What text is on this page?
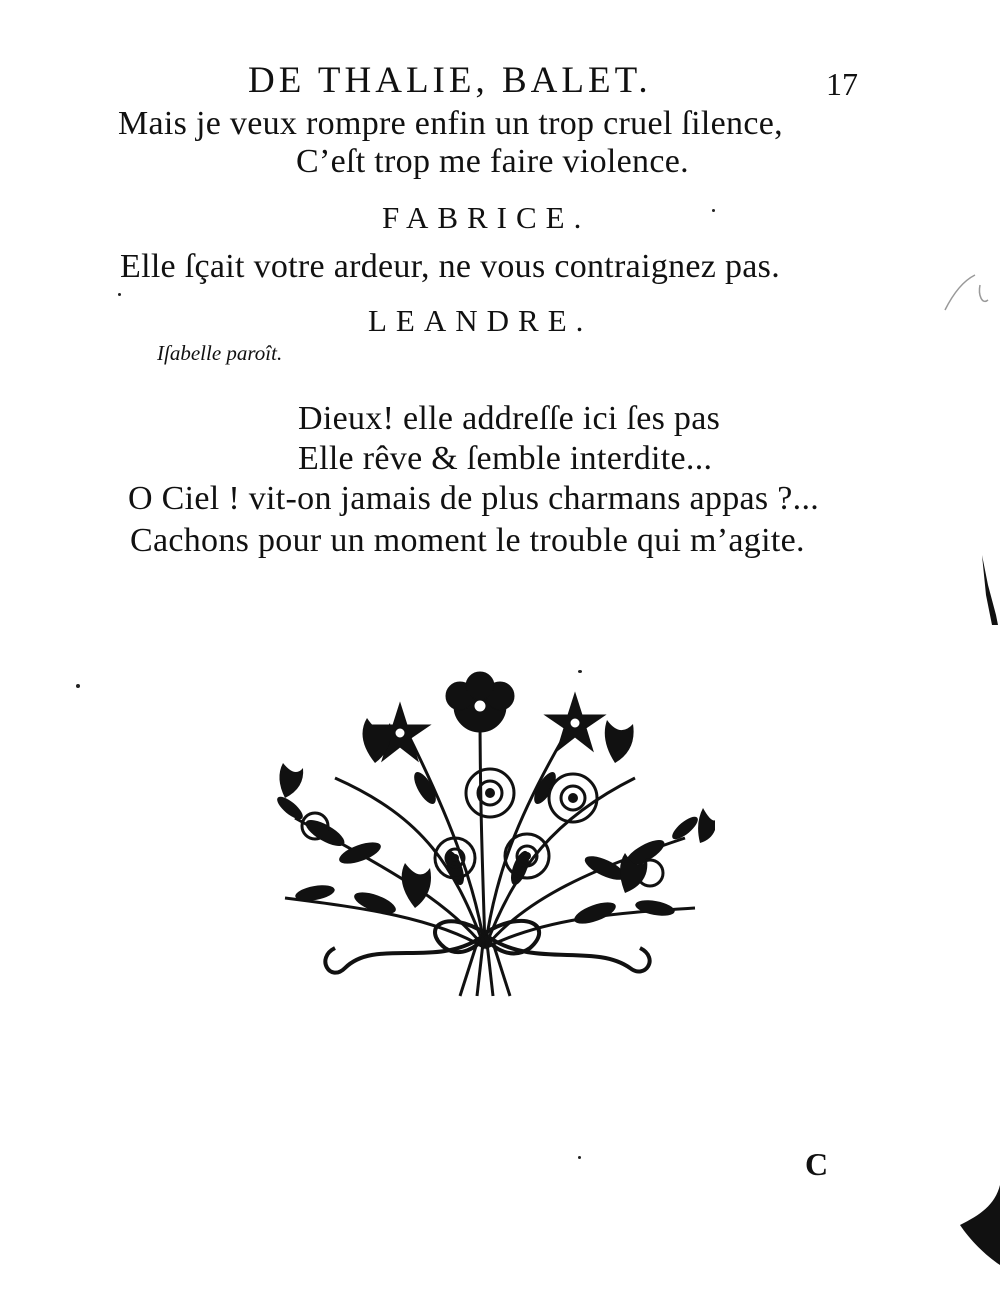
DE THALIE, BALET.	17
Mais je veux rompre enfin un trop cruel ſilence,
C’eſt trop me faire violence.
FABRICE.
Elle ſçait votre ardeur, ne vous contraignez pas.
LEANDRE.
Iſabelle paroît.
Dieux! elle addreſſe ici ſes pas
Elle rêve & ſemble interdite...
O Ciel ! vit-on jamais de plus charmans appas ?...
Cachons pour un moment le trouble qui m’agite.
C
